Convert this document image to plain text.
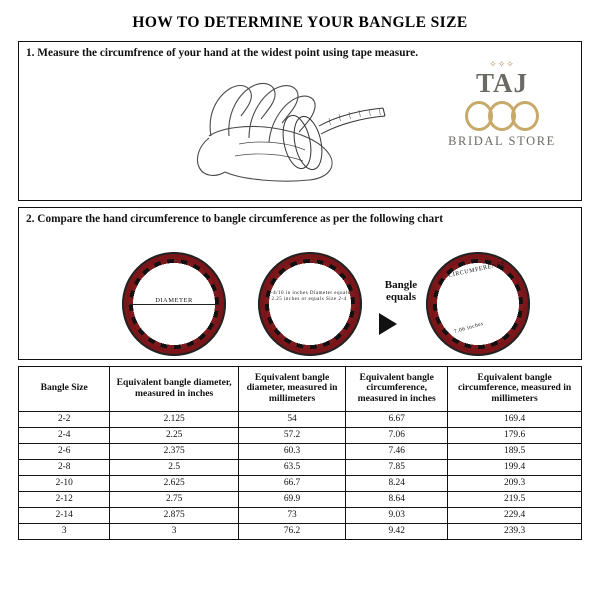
HOW TO DETERMINE YOUR BANGLE SIZE
1. Measure the circumfrence of your hand at the widest point using tape measure.
✧✧✧
TAJ
BRIDAL STORE
2. Compare the hand circumference to bangle circumference as per the following chart
DIAMETER
2-4/16 in inches Diameter equals 2.25 inches or equals Size 2-4
Bangle equals
CIRCUMFERENCE
7.06 inches
Bangle Size	Equivalent bangle diameter, measured in inches	Equivalent bangle diameter, measured in millimeters	Equivalent bangle circumference, measured in inches	Equivalent bangle circumference, measured in millimeters
2-2	2.125	54	6.67	169.4
2-4	2.25	57.2	7.06	179.6
2-6	2.375	60.3	7.46	189.5
2-8	2.5	63.5	7.85	199.4
2-10	2.625	66.7	8.24	209.3
2-12	2.75	69.9	8.64	219.5
2-14	2.875	73	9.03	229.4
3	3	76.2	9.42	239.3
